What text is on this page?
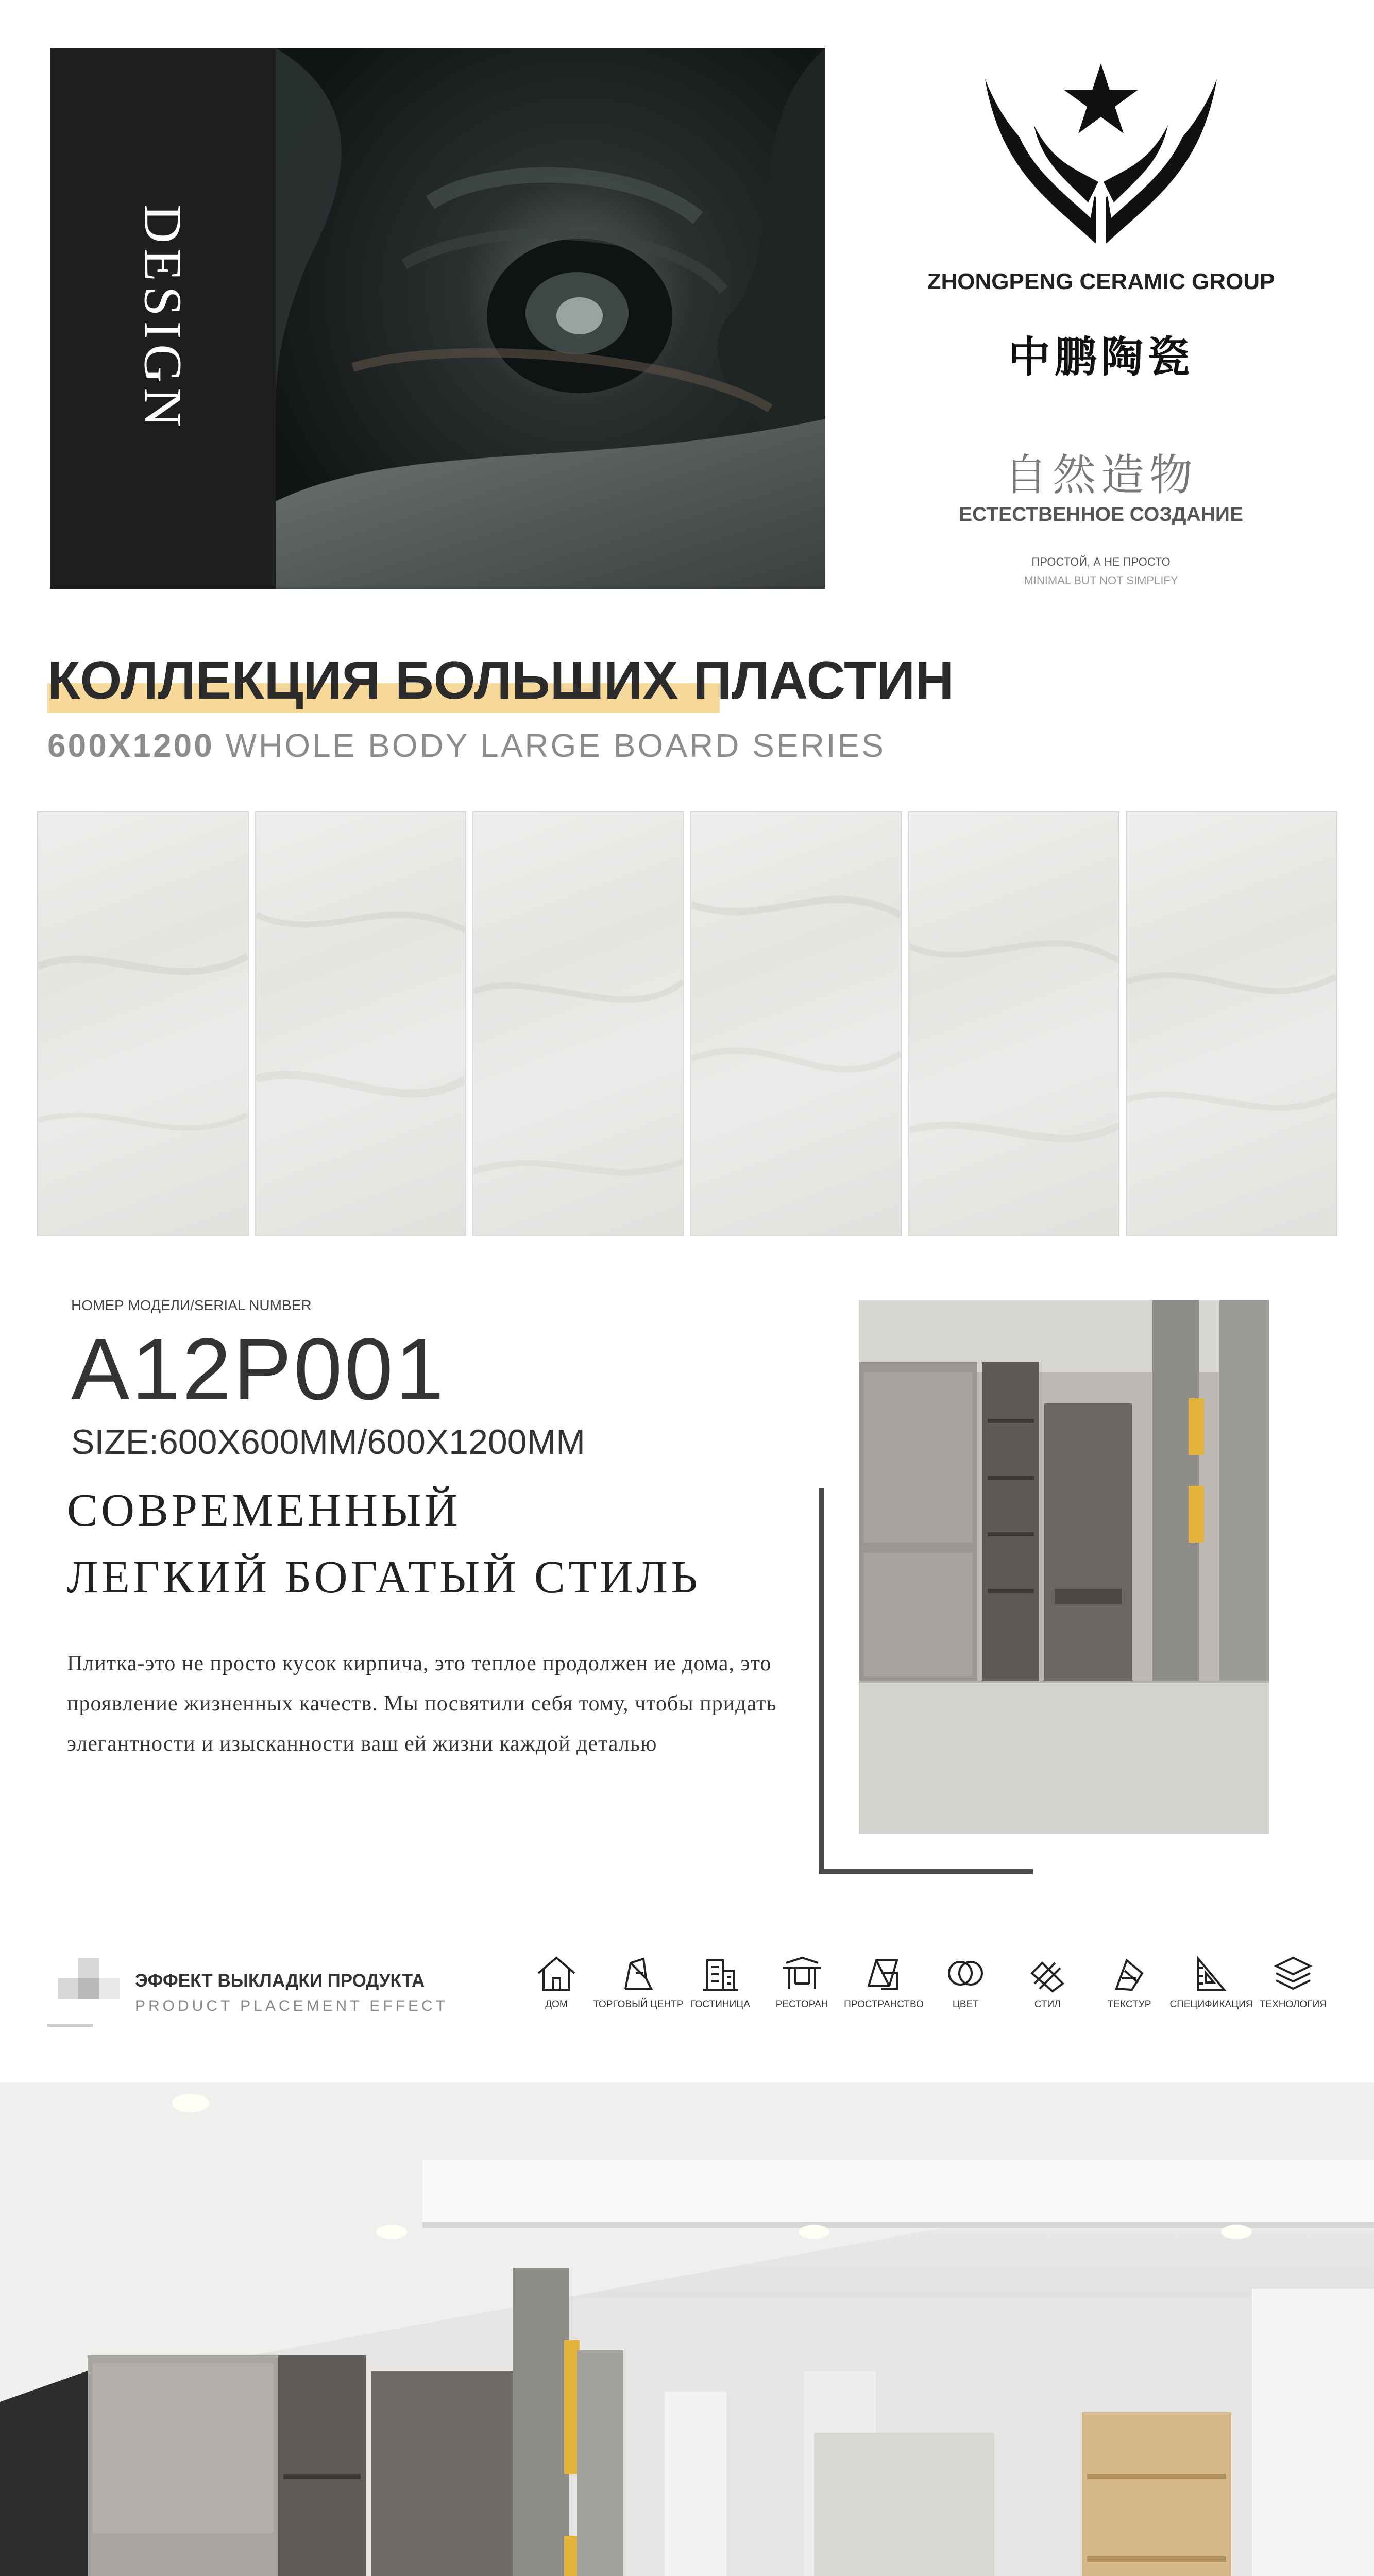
DESIGN	ZHONGPENG CERAMIC GROUP
中鹏陶瓷
自然造物
ЕСТЕСТВЕННОЕ СОЗДАНИЕ
ПРОСТОЙ, А НЕ ПРОСТО
MINIMAL BUT NOT SIMPLIFY
КОЛЛЕКЦИЯ БОЛЬШИХ ПЛАСТИН
600X1200 WHOLE BODY LARGE BOARD SERIES
НОМЕР МОДЕЛИ/SERIAL NUMBER
A12P001
SIZE:600X600MM/600X1200MM
СОВРЕМЕННЫЙ
ЛЕГКИЙ БОГАТЫЙ СТИЛЬ
Плитка-это не просто кусок кирпича, это теплое продолжен ие дома, это проявление жизненных качеств. Мы посвятили себя тому, чтобы придать элегантности и изысканности ваш ей жизни каждой деталью
ЭФФЕКТ ВЫКЛАДКИ ПРОДУКТА
PRODUCT PLACEMENT EFFECT	ДОМ	ТОРГОВЫЙ ЦЕНТР ГОСТИНИЦА	РЕСТОРАН ПРОСТРАНСТВО	ЦВЕТ	СТИЛ	ТЕКСТУР СПЕЦИФИКАЦИЯ ТЕХНОЛОГИЯ
